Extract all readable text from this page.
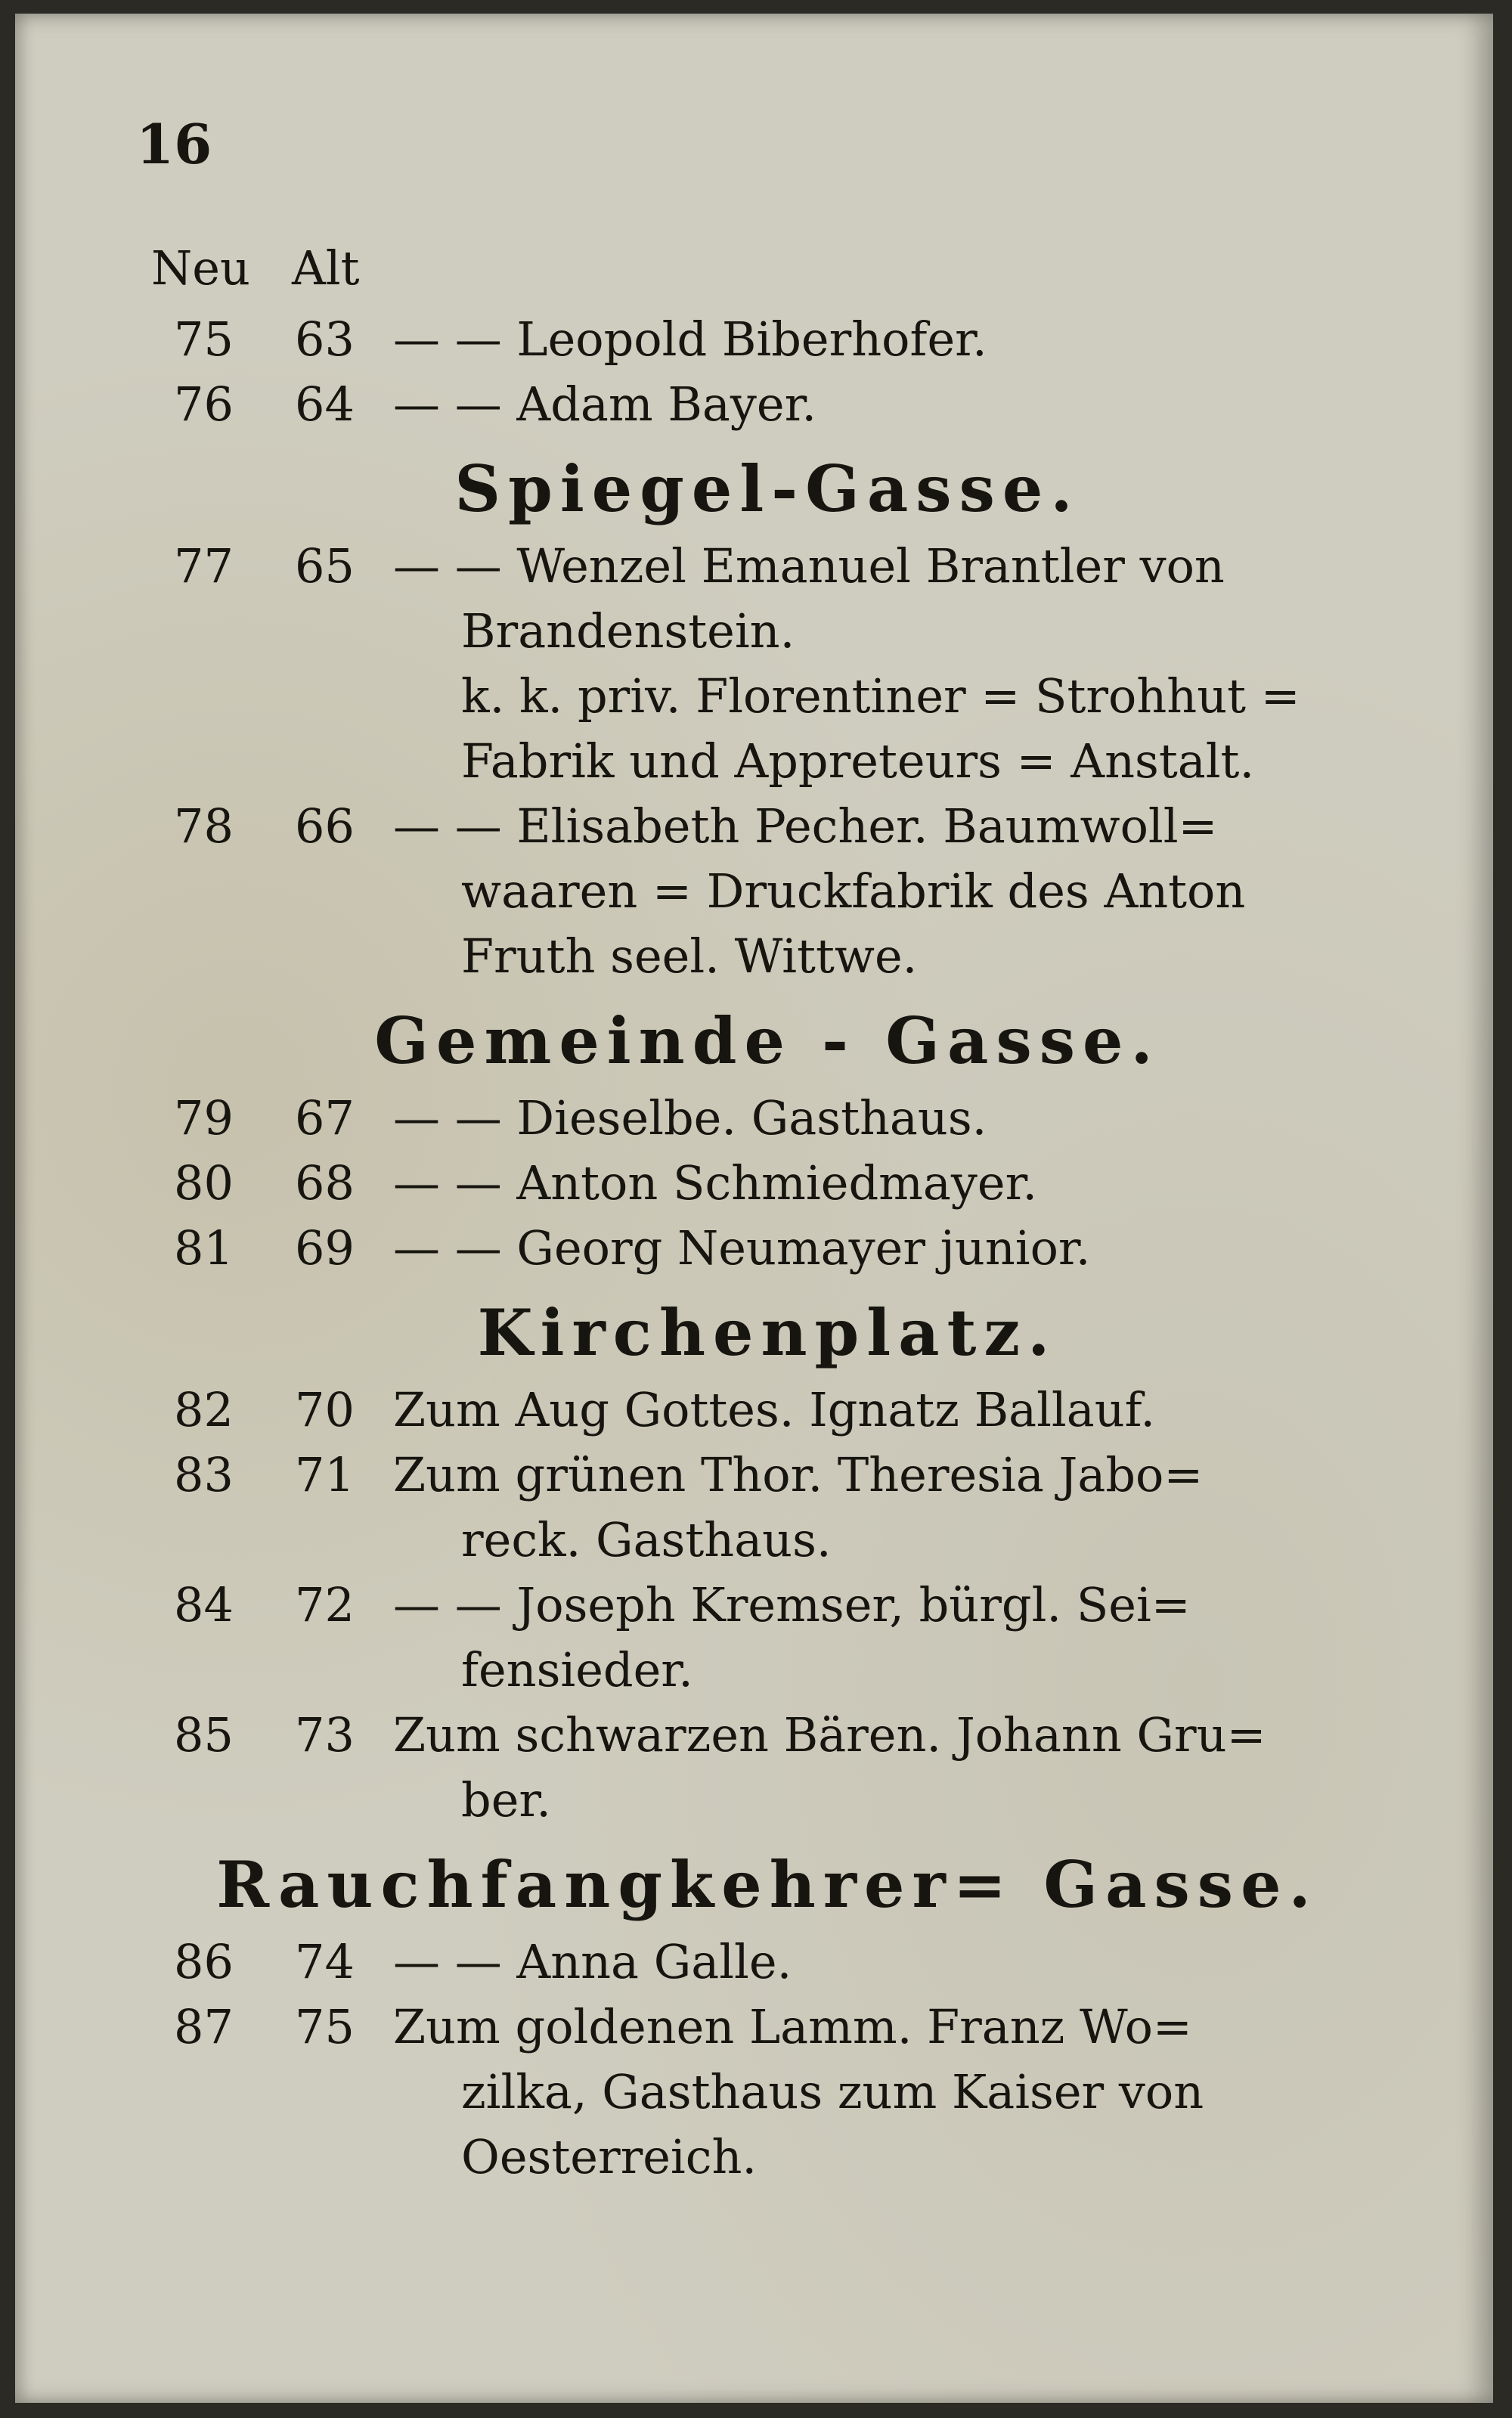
16
Neu Alt
75	63 — — Leopold Biberhofer.
76	64 — — Adam Bayer.
Spiegel-Gasse.
77	65 — — Wenzel Emanuel Brantler von
Brandenstein.
k. k. priv. Florentiner = Strohhut =
Fabrik und Appreteurs = Anstalt.
78	66 — — Elisabeth Pecher. Baumwoll=
waaren = Druckfabrik des Anton
Fruth seel. Wittwe.
Gemeinde - Gasse.
79	67 — — Dieselbe. Gasthaus.
80	68 — — Anton Schmiedmayer.
81	69 — — Georg Neumayer junior.
Kirchenplatz.
82	70 Zum Aug Gottes. Ignatz Ballauf.
83	71 Zum grünen Thor. Theresia Jabo=
reck. Gasthaus.
84	72 — — Joseph Kremser, bürgl. Sei=
fensieder.
85	73 Zum schwarzen Bären. Johann Gru=
ber.
Rauchfangkehrer= Gasse.
86	74 — — Anna Galle.
87	75 Zum goldenen Lamm. Franz Wo=
zilka, Gasthaus zum Kaiser von
Oesterreich.
